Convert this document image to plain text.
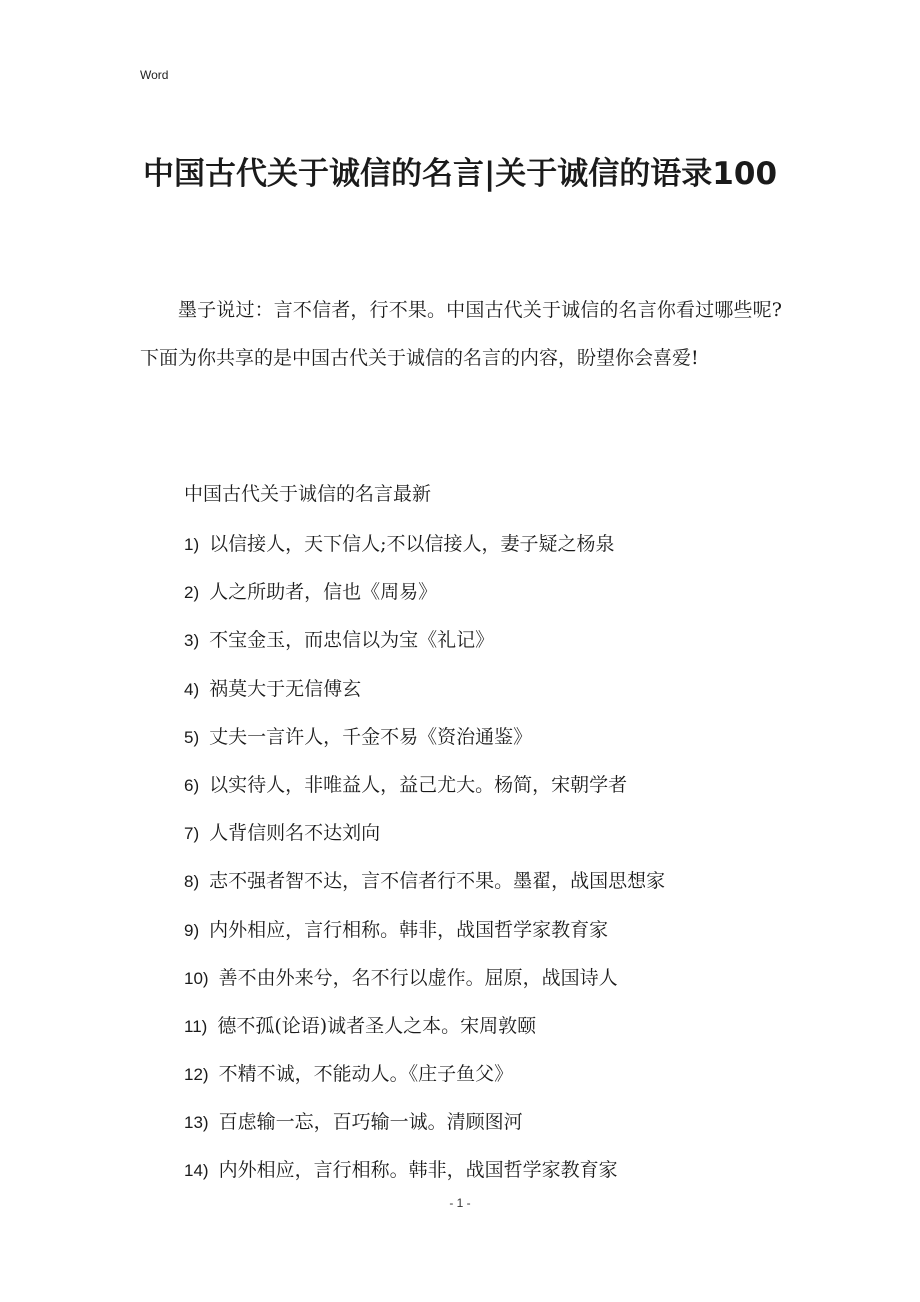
Word
中国古代关于诚信的名言|关于诚信的语录100

墨子说过：言不信者，行不果。中国古代关于诚信的名言你看过哪些呢?下面为你共享的是中国古代关于诚信的名言的内容，盼望你会喜爱!

中国古代关于诚信的名言最新
1) 以信接人，天下信人;不以信接人，妻子疑之杨泉
2) 人之所助者，信也《周易》
3) 不宝金玉，而忠信以为宝《礼记》
4) 祸莫大于无信傅玄
5) 丈夫一言许人，千金不易《资治通鉴》
6) 以实待人，非唯益人，益己尤大。杨简，宋朝学者
7) 人背信则名不达刘向
8) 志不强者智不达，言不信者行不果。墨翟，战国思想家
9) 内外相应，言行相称。韩非，战国哲学家教育家
10) 善不由外来兮，名不行以虚作。屈原，战国诗人
11) 德不孤(论语)诚者圣人之本。宋周敦颐
12) 不精不诚，不能动人。《庄子鱼父》
13) 百虑输一忘，百巧输一诚。清顾图河
14) 内外相应，言行相称。韩非，战国哲学家教育家
- 1 -
